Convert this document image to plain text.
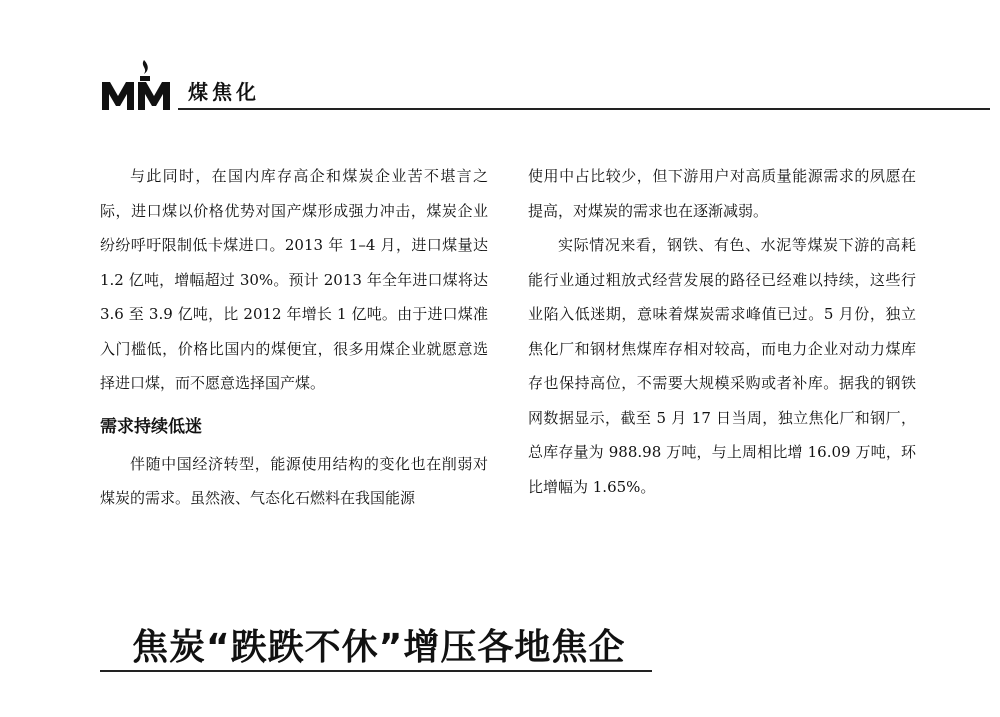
煤焦化

与此同时，在国内库存高企和煤炭企业苦不堪言之际，进口煤以价格优势对国产煤形成强力冲击，煤炭企业纷纷呼吁限制低卡煤进口。2013 年 1–4 月，进口煤量达 1.2 亿吨，增幅超过 30%。预计 2013 年全年进口煤将达 3.6 至 3.9 亿吨，比 2012 年增长 1 亿吨。由于进口煤准入门槛低，价格比国内的煤便宜，很多用煤企业就愿意选择进口煤，而不愿意选择国产煤。

需求持续低迷

伴随中国经济转型，能源使用结构的变化也在削弱对煤炭的需求。虽然液、气态化石燃料在我国能源

使用中占比较少，但下游用户对高质量能源需求的夙愿在提高，对煤炭的需求也在逐渐减弱。

实际情况来看，钢铁、有色、水泥等煤炭下游的高耗能行业通过粗放式经营发展的路径已经难以持续，这些行业陷入低迷期，意味着煤炭需求峰值已过。5 月份，独立焦化厂和钢材焦煤库存相对较高，而电力企业对动力煤库存也保持高位，不需要大规模采购或者补库。据我的钢铁网数据显示，截至 5 月 17 日当周，独立焦化厂和钢厂，总库存量为 988.98 万吨，与上周相比增 16.09 万吨，环比增幅为 1.65%。

焦炭“跌跌不休”增压各地焦企
